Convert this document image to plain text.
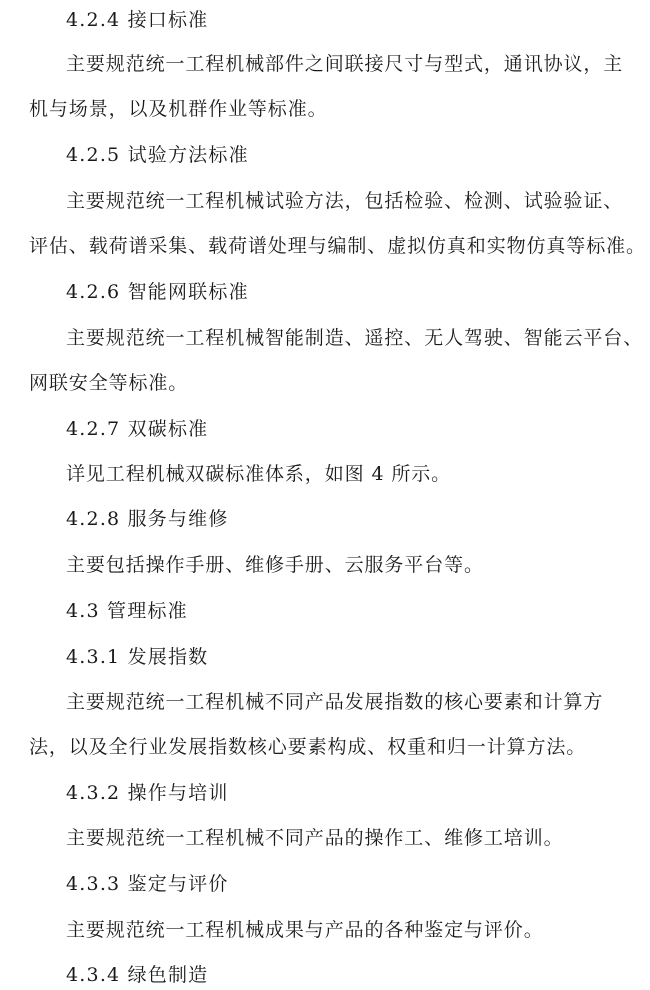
4.2.4 接口标准
主要规范统一工程机械部件之间联接尺寸与型式，通讯协议，主
机与场景，以及机群作业等标准。
4.2.5 试验方法标准
主要规范统一工程机械试验方法，包括检验、检测、试验验证、
评估、载荷谱采集、载荷谱处理与编制、虚拟仿真和实物仿真等标准。
4.2.6 智能网联标准
主要规范统一工程机械智能制造、遥控、无人驾驶、智能云平台、
网联安全等标准。
4.2.7 双碳标准
详见工程机械双碳标准体系，如图 4 所示。
4.2.8 服务与维修
主要包括操作手册、维修手册、云服务平台等。
4.3 管理标准
4.3.1 发展指数
主要规范统一工程机械不同产品发展指数的核心要素和计算方
法，以及全行业发展指数核心要素构成、权重和归一计算方法。
4.3.2 操作与培训
主要规范统一工程机械不同产品的操作工、维修工培训。
4.3.3 鉴定与评价
主要规范统一工程机械成果与产品的各种鉴定与评价。
4.3.4 绿色制造
